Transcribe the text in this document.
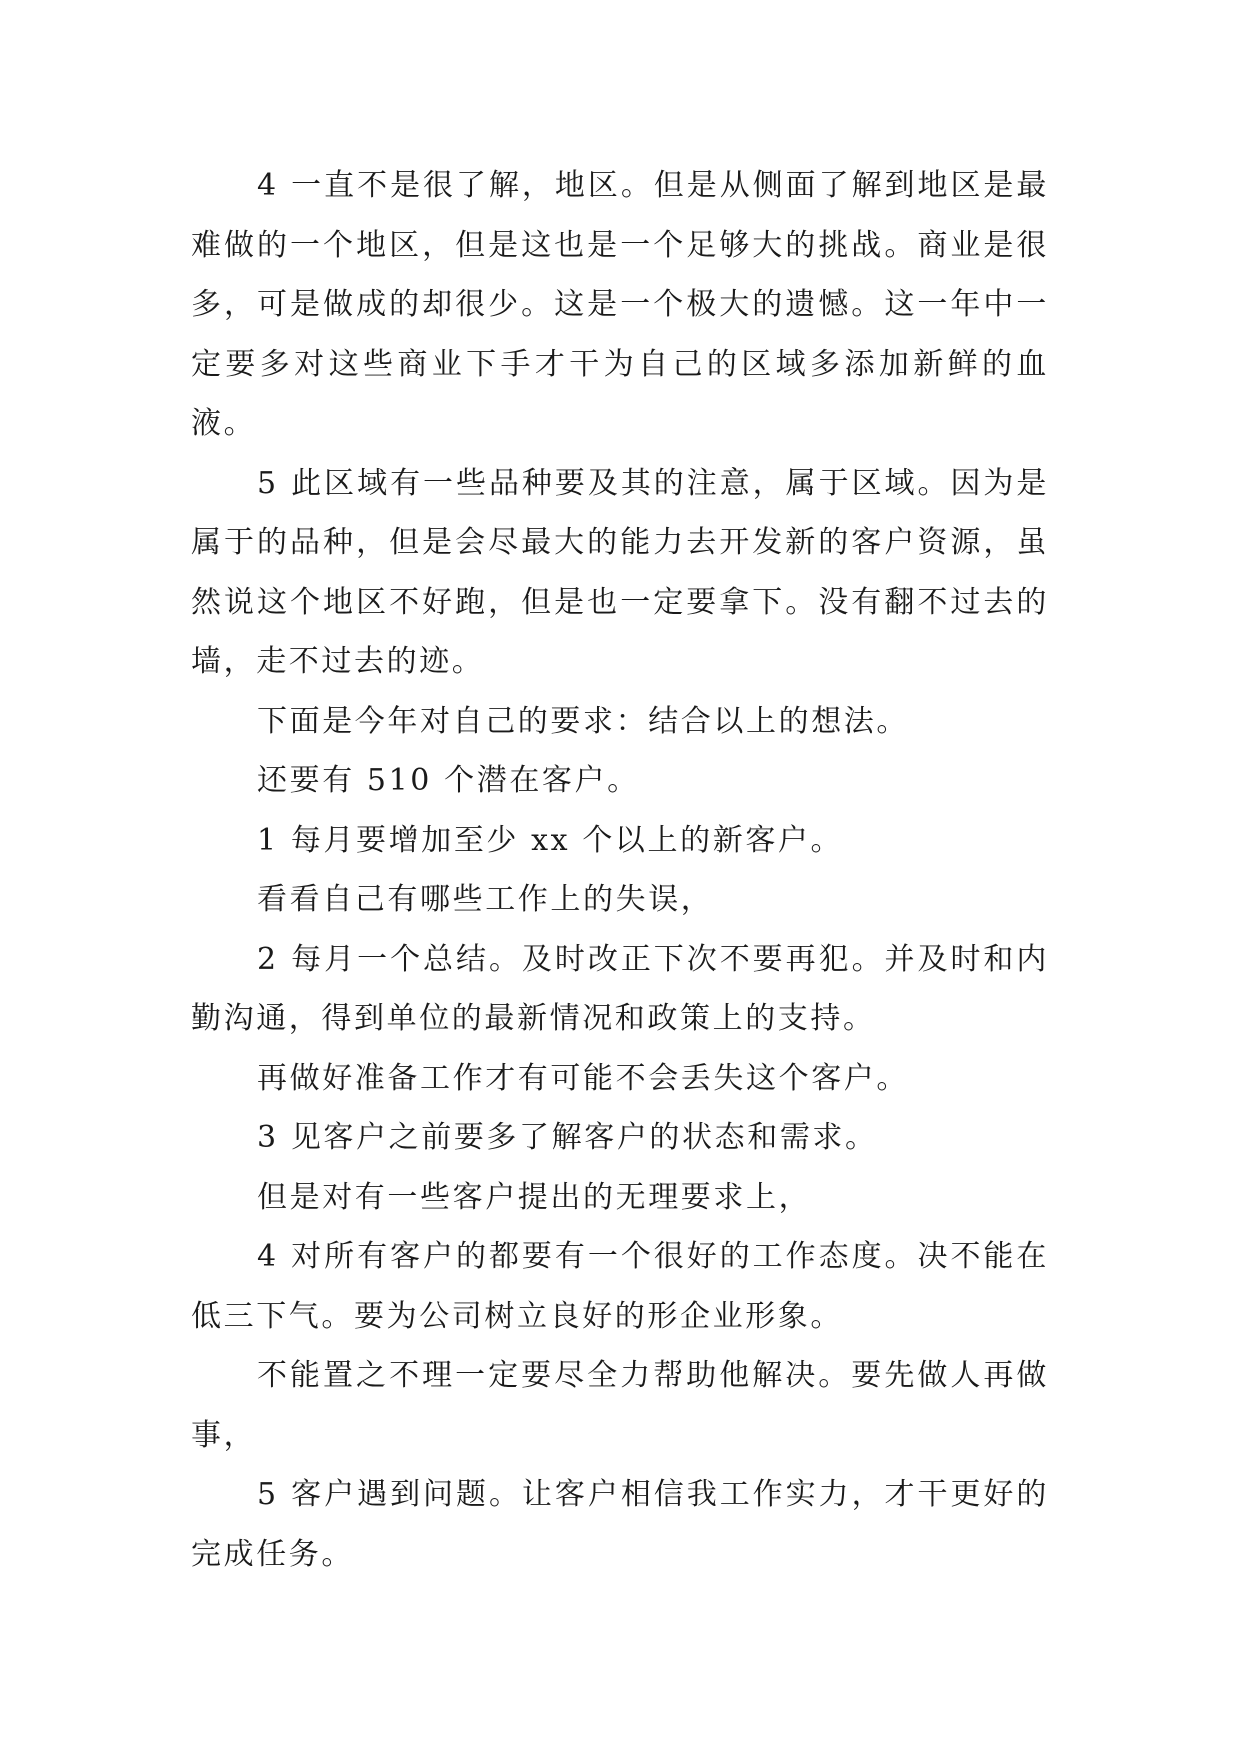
4 一直不是很了解，地区。但是从侧面了解到地区是最难做的一个地区，但是这也是一个足够大的挑战。商业是很多，可是做成的却很少。这是一个极大的遗憾。这一年中一定要多对这些商业下手才干为自己的区域多添加新鲜的血液。

5 此区域有一些品种要及其的注意，属于区域。因为是属于的品种，但是会尽最大的能力去开发新的客户资源，虽然说这个地区不好跑，但是也一定要拿下。没有翻不过去的墙，走不过去的迹。

下面是今年对自己的要求：结合以上的想法。

还要有 510 个潜在客户。

1 每月要增加至少 xx 个以上的新客户。

看看自己有哪些工作上的失误，

2 每月一个总结。及时改正下次不要再犯。并及时和内勤沟通，得到单位的最新情况和政策上的支持。

再做好准备工作才有可能不会丢失这个客户。

3 见客户之前要多了解客户的状态和需求。

但是对有一些客户提出的无理要求上，

4 对所有客户的都要有一个很好的工作态度。决不能在低三下气。要为公司树立良好的形企业形象。

不能置之不理一定要尽全力帮助他解决。要先做人再做事，

5 客户遇到问题。让客户相信我工作实力，才干更好的完成任务。
